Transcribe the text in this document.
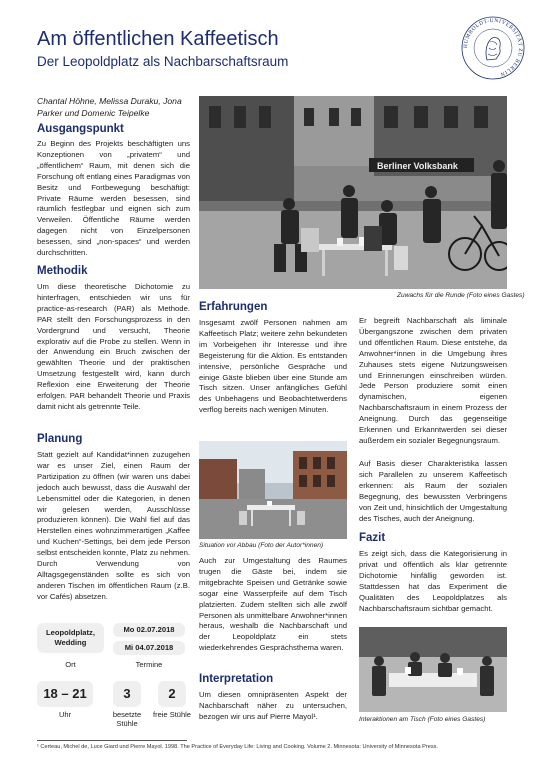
Am öffentlichen Kaffeetisch
Der Leopoldplatz als Nachbarschaftsraum
HUMBOLDT-UNIVERSITÄT ZU BERLIN
Chantal Höhne, Melissa Duraku, Jona Parker und Domenic Teipelke
Ausgangspunkt
Zu Beginn des Projekts beschäftigten uns Konzeptionen von „privatem“ und „öffentlichem“ Raum, mit denen sich die Forschung oft entlang eines Paradigmas von Besitz und Fortbewegung beschäftigt: Private Räume werden besessen, sind räumlich festlegbar und eignen sich zum Verweilen. Öffentliche Räume werden dagegen nicht von Einzelpersonen besessen, sind „non-spaces“ und werden durchschritten.
Methodik
Um diese theoretische Dichotomie zu hinterfragen, entschieden wir uns für practice-as-research (PAR) als Methode. PAR stellt den Forschungsprozess in den Vordergrund und versucht, Theorie explorativ auf die Probe zu stellen. Wenn in der Anwendung ein Bruch zwischen der gewählten Theorie und der praktischen Umsetzung festgestellt wird, kann durch Reflexion eine Erweiterung der Theorie erfolgen. PAR behandelt Theorie und Praxis damit nicht als getrennte Teile.
Planung
Statt gezielt auf Kandidat*innen zuzugehen war es unser Ziel, einen Raum der Partizipation zu öffnen (wir waren uns dabei jedoch auch bewusst, dass die Auswahl der Lebensmittel oder die Kategorien, in denen wir gelesen werden, Ausschlüsse produzieren können). Die Wahl fiel auf das Herstellen eines wohnzimmerartigen „Kaffee und Kuchen“-Settings, bei dem jede Person selbst entscheiden konnte, Platz zu nehmen. Durch Verwendung von Alltagsgegenständen sollte es sich von anderen Tischen im öffentlichen Raum (z.B. vor Cafés) absetzen.
Leopoldplatz, Wedding
Mo 02.07.2018
Mi 04.07.2018
Ort	Termine
18 – 21	3	2
Uhr	besetzte Stühle
freie Stühle
Berliner Volksbank
Zuwachs für die Runde (Foto eines Gastes)
Erfahrungen
Insgesamt zwölf Personen nahmen am Kaffeetisch Platz; weitere zehn bekundeten im Vorbeigehen ihr Interesse und ihre Begeisterung für die Aktion. Es entstanden intensive, persönliche Gespräche und einige Gäste blieben über eine Stunde am Tisch sitzen. Unser anfängliches Gefühl des Unbehagens und Beobachtetwerdens verflog bereits nach wenigen Minuten.
Situation vor Abbau (Foto der Autor*innen)
Auch zur Umgestaltung des Raumes trugen die Gäste bei, indem sie mitgebrachte Speisen und Getränke sowie sogar eine Wasserpfeife auf dem Tisch platzierten. Zudem stellten sich alle zwölf Personen als unmittelbare Anwohner*innen heraus, weshalb die Nachbarschaft und der Leopoldplatz ein stets wiederkehrendes Gesprächsthema waren.
Interpretation
Um diesen omnipräsenten Aspekt der Nachbarschaft näher zu untersuchen, bezogen wir uns auf Pierre Mayol¹.
Er begreift Nachbarschaft als liminale Übergangszone zwischen dem privaten und öffentlichen Raum. Diese entstehe, da Anwohner*innen in die Umgebung ihres Zuhauses stets eigene Nutzungsweisen und Erinnerungen einschreiben würden. Jede Person produziere somit einen dynamischen, eigenen Nachbarschaftsraum in einem Prozess der Aneignung. Durch das gegenseitige Erkennen und Erkanntwerden sei dieser außerdem ein sozialer Begegnungsraum.
Auf Basis dieser Charakteristika lassen sich Parallelen zu unserem Kaffeetisch erkennen: als Raum der sozialen Begegnung, des bewussten Verbringens von Zeit und, hinsichtlich der Umgestaltung des Tisches, auch der Aneignung.
Fazit
Es zeigt sich, dass die Kategorisierung in privat und öffentlich als klar getrennte Dichotomie hinfällig geworden ist. Stattdessen hat das Experiment die Qualitäten des Leopoldplatzes als Nachbarschaftsraum sichtbar gemacht.
Interaktionen am Tisch (Foto eines Gastes)
¹ Certeau, Michel de, Luce Giard und Pierre Mayol. 1998. The Practice of Everyday Life: Living and Cooking. Volume 2. Minnesota: University of Minnesota Press.
